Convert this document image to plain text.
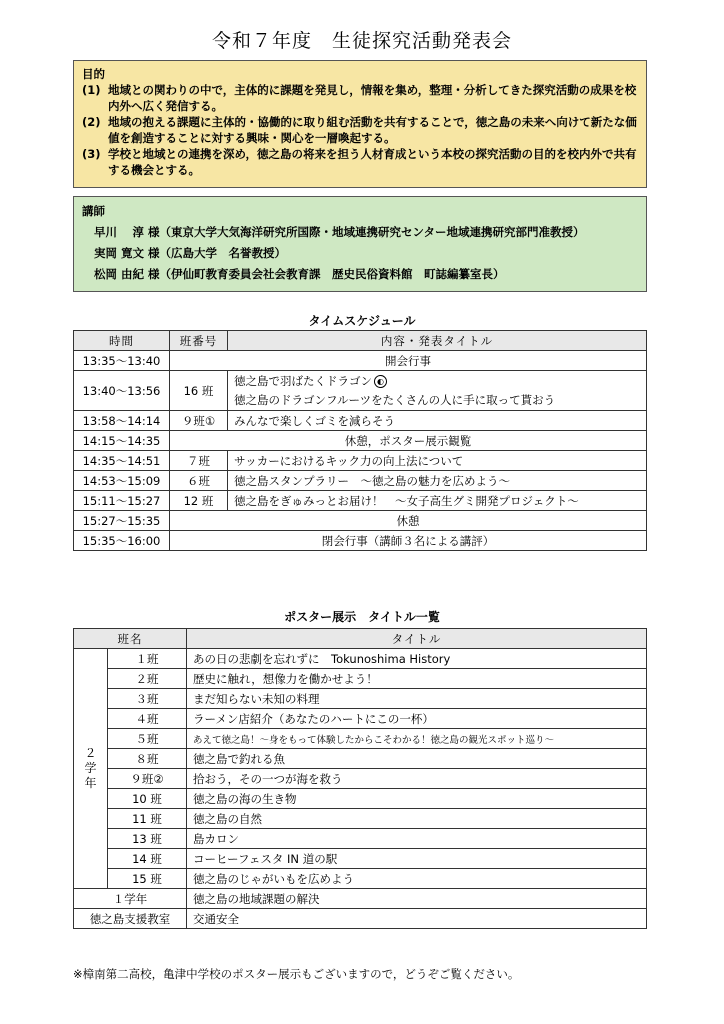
令和７年度　生徒探究活動発表会
目的
(1) 地域との関わりの中で，主体的に課題を発見し，情報を集め，整理・分析してきた探究活動の成果を校内外へ広く発信する。
(2) 地域の抱える課題に主体的・協働的に取り組む活動を共有することで，徳之島の未来へ向けて新たな価値を創造することに対する興味・関心を一層喚起する。
(3) 学校と地域との連携を深め，徳之島の将来を担う人材育成という本校の探究活動の目的を校内外で共有する機会とする。
講師
早川　 淳 様（東京大学大気海洋研究所国際・地域連携研究センター地域連携研究部門准教授）
実岡 寛文 様（広島大学　名誉教授）
松岡 由紀 様（伊仙町教育委員会社会教育課　歴史民俗資料館　町誌編纂室長）
タイムスケジュール
時間	班番号	内容・発表タイトル
13:35～13:40	開会行事	
13:40～13:56	16 班	徳之島で羽ばたくドラゴン ◐
徳之島のドラゴンフルーツをたくさんの人に手に取って貰おう

13:58～14:14	９班①	みんなで楽しくゴミを減らそう
14:15～14:35	休憩，ポスター展示観覧	
14:35～14:51	７班	サッカーにおけるキック力の向上法について
14:53～15:09	６班	徳之島スタンプラリー　～徳之島の魅力を広めよう～
15:11～15:27	12 班	徳之島をぎゅみっとお届け！　～女子高生グミ開発プロジェクト～
15:27～15:35	休憩	
15:35～16:00	閉会行事（講師３名による講評）	
ポスター展示　タイトル一覧
班名		タイトル

２
学
年	１班	あの日の悲劇を忘れずに　Tokunoshima History
	２班	歴史に触れ，想像力を働かせよう！
	３班	まだ知らない未知の料理
	４班	ラーメン店紹介（あなたのハートにこの一杯）
	５班	あえて徳之島！～身をもって体験したからこそわかる！徳之島の観光スポット巡り～
	８班	徳之島で釣れる魚
	９班②	拾おう，その一つが海を救う
	10 班	徳之島の海の生き物
	11 班	徳之島の自然
	13 班	島カロン
	14 班	コーヒーフェスタ IN 道の駅
	15 班	徳之島のじゃがいもを広めよう
１学年		徳之島の地域課題の解決
徳之島支援教室		交通安全
※樟南第二高校，亀津中学校のポスター展示もございますので，どうぞご覧ください。
